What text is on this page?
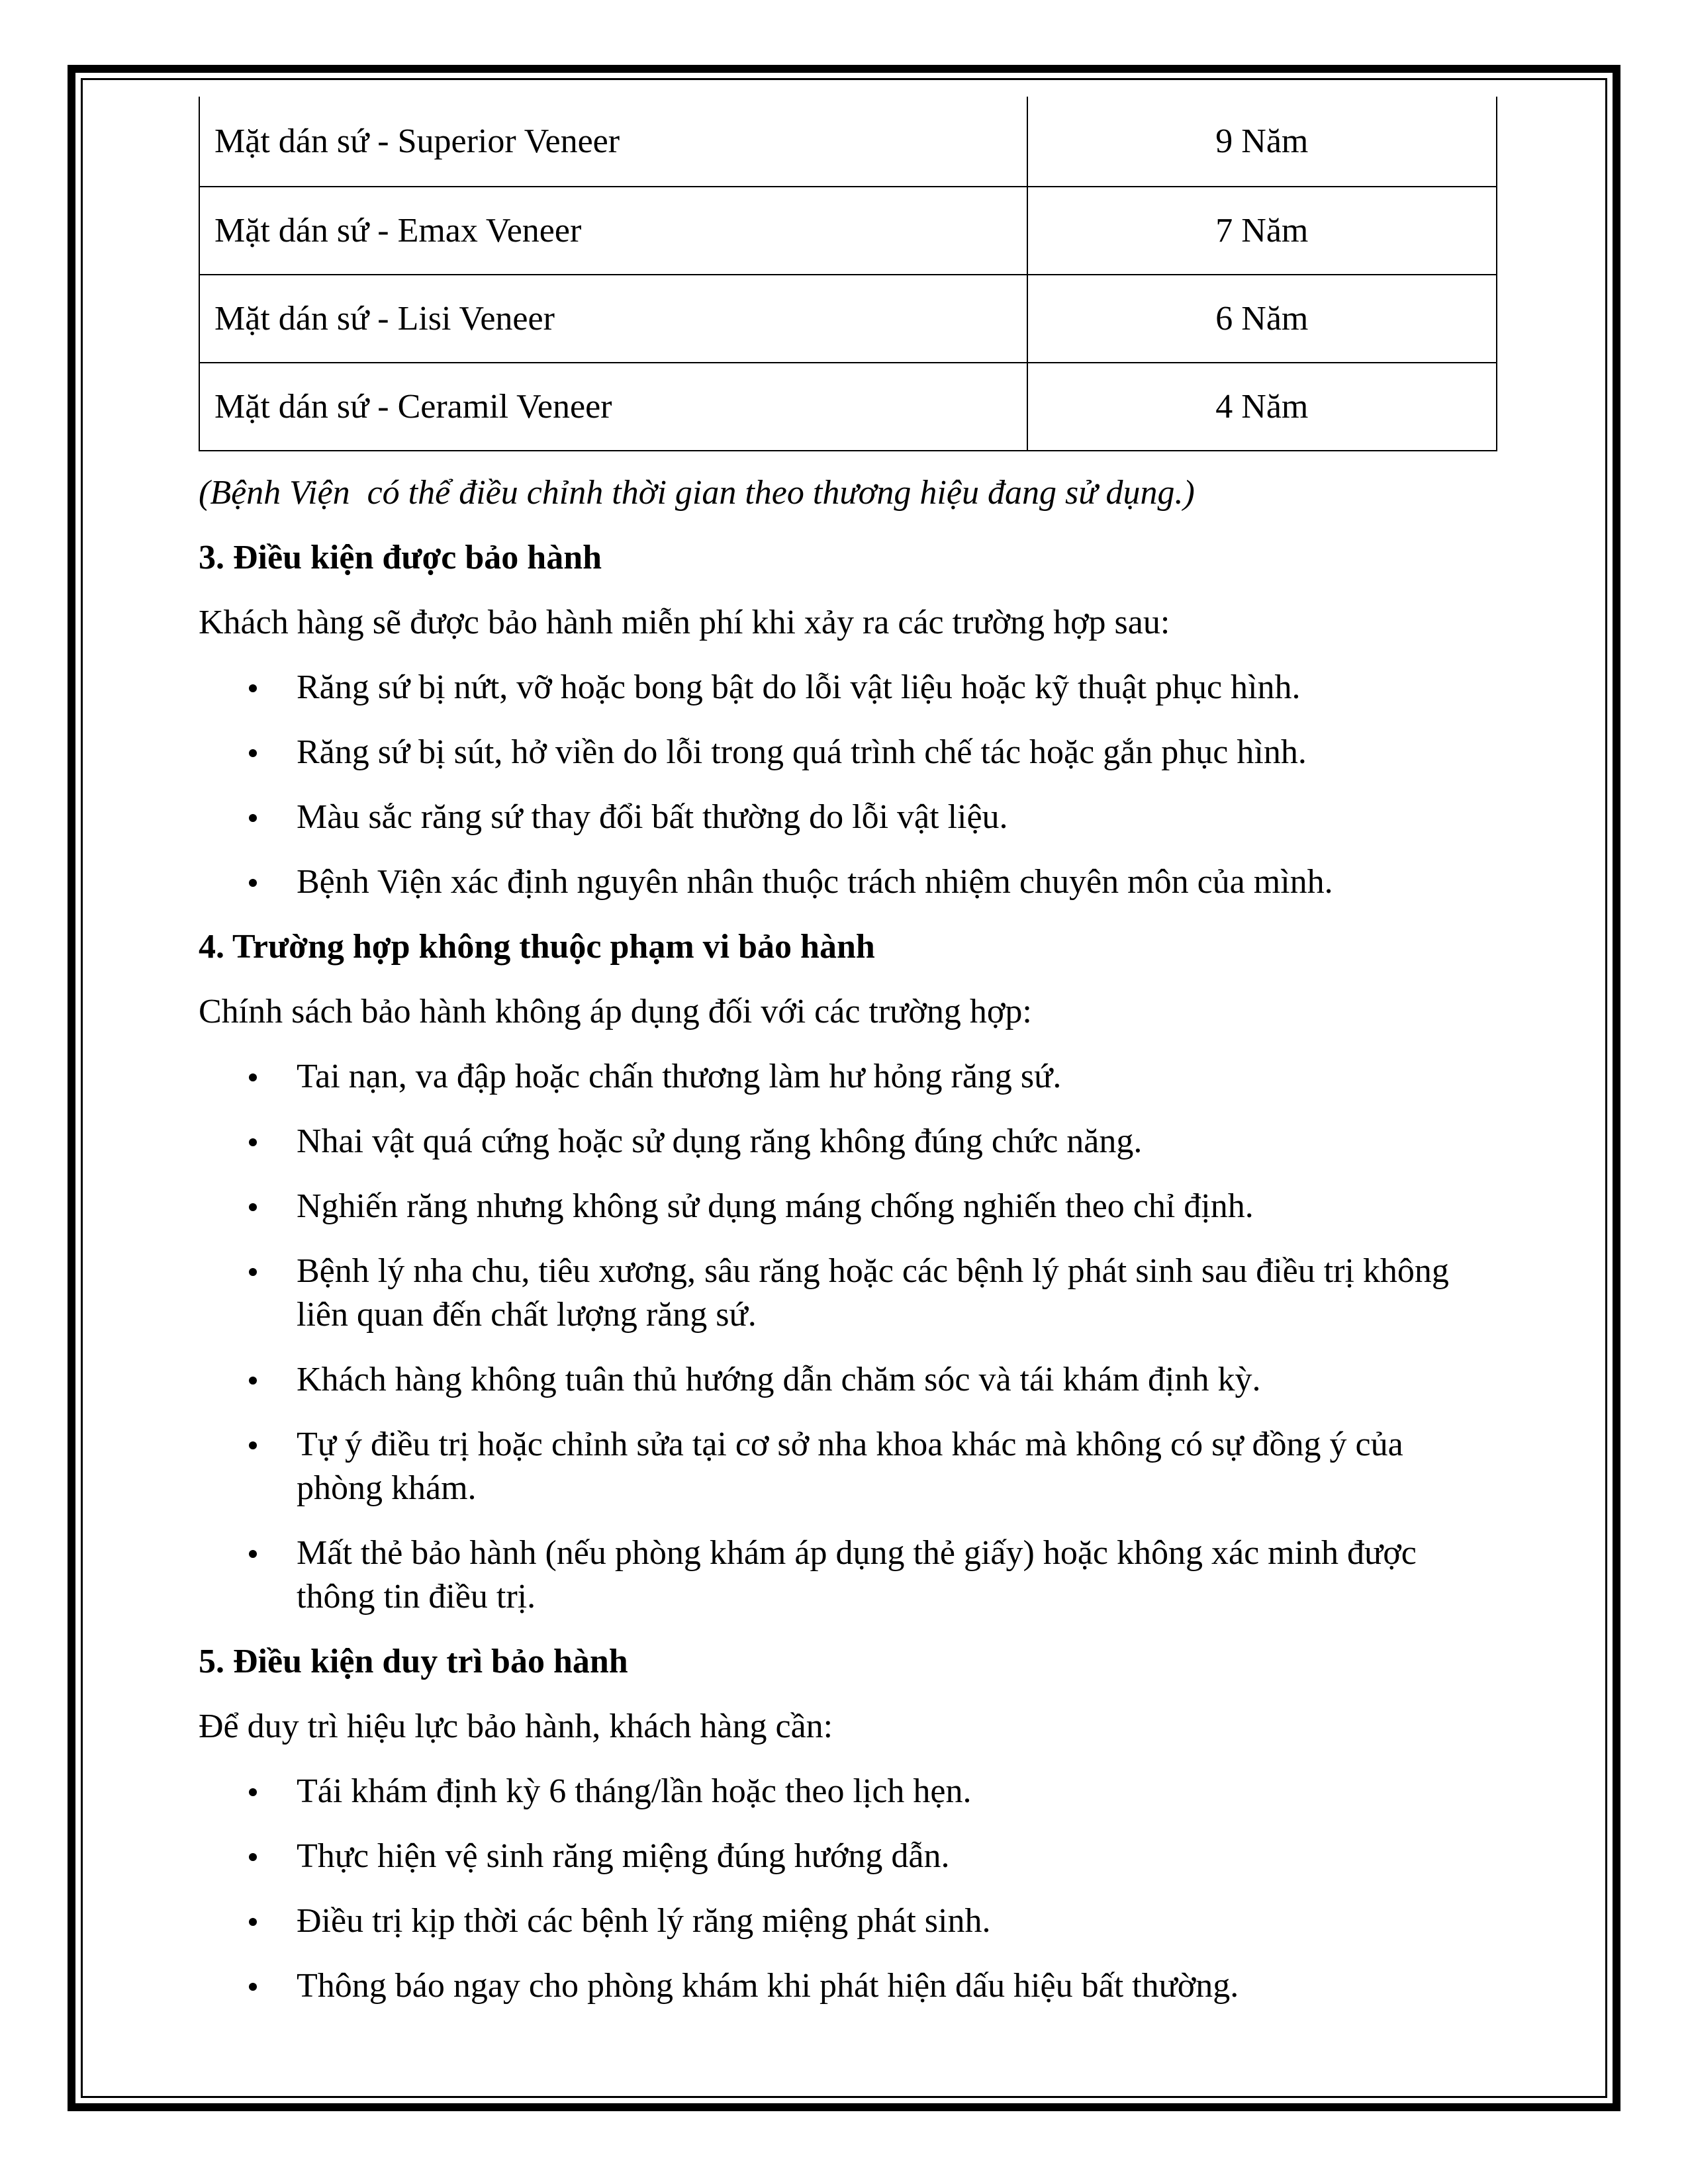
Mặt dán sứ - Superior Veneer	9 Năm
Mặt dán sứ - Emax Veneer	7 Năm
Mặt dán sứ - Lisi Veneer	6 Năm
Mặt dán sứ - Ceramil Veneer	4 Năm

(Bệnh Viện  có thể điều chỉnh thời gian theo thương hiệu đang sử dụng.)

3. Điều kiện được bảo hành

Khách hàng sẽ được bảo hành miễn phí khi xảy ra các trường hợp sau:

Răng sứ bị nứt, vỡ hoặc bong bật do lỗi vật liệu hoặc kỹ thuật phục hình.
Răng sứ bị sút, hở viền do lỗi trong quá trình chế tác hoặc gắn phục hình.
Màu sắc răng sứ thay đổi bất thường do lỗi vật liệu.
Bệnh Viện xác định nguyên nhân thuộc trách nhiệm chuyên môn của mình.

4. Trường hợp không thuộc phạm vi bảo hành

Chính sách bảo hành không áp dụng đối với các trường hợp:

Tai nạn, va đập hoặc chấn thương làm hư hỏng răng sứ.
Nhai vật quá cứng hoặc sử dụng răng không đúng chức năng.
Nghiến răng nhưng không sử dụng máng chống nghiến theo chỉ định.
Bệnh lý nha chu, tiêu xương, sâu răng hoặc các bệnh lý phát sinh sau điều trị không liên quan đến chất lượng răng sứ.
Khách hàng không tuân thủ hướng dẫn chăm sóc và tái khám định kỳ.
Tự ý điều trị hoặc chỉnh sửa tại cơ sở nha khoa khác mà không có sự đồng ý của phòng khám.
Mất thẻ bảo hành (nếu phòng khám áp dụng thẻ giấy) hoặc không xác minh được thông tin điều trị.

5. Điều kiện duy trì bảo hành

Để duy trì hiệu lực bảo hành, khách hàng cần:

Tái khám định kỳ 6 tháng/lần hoặc theo lịch hẹn.
Thực hiện vệ sinh răng miệng đúng hướng dẫn.
Điều trị kịp thời các bệnh lý răng miệng phát sinh.
Thông báo ngay cho phòng khám khi phát hiện dấu hiệu bất thường.
